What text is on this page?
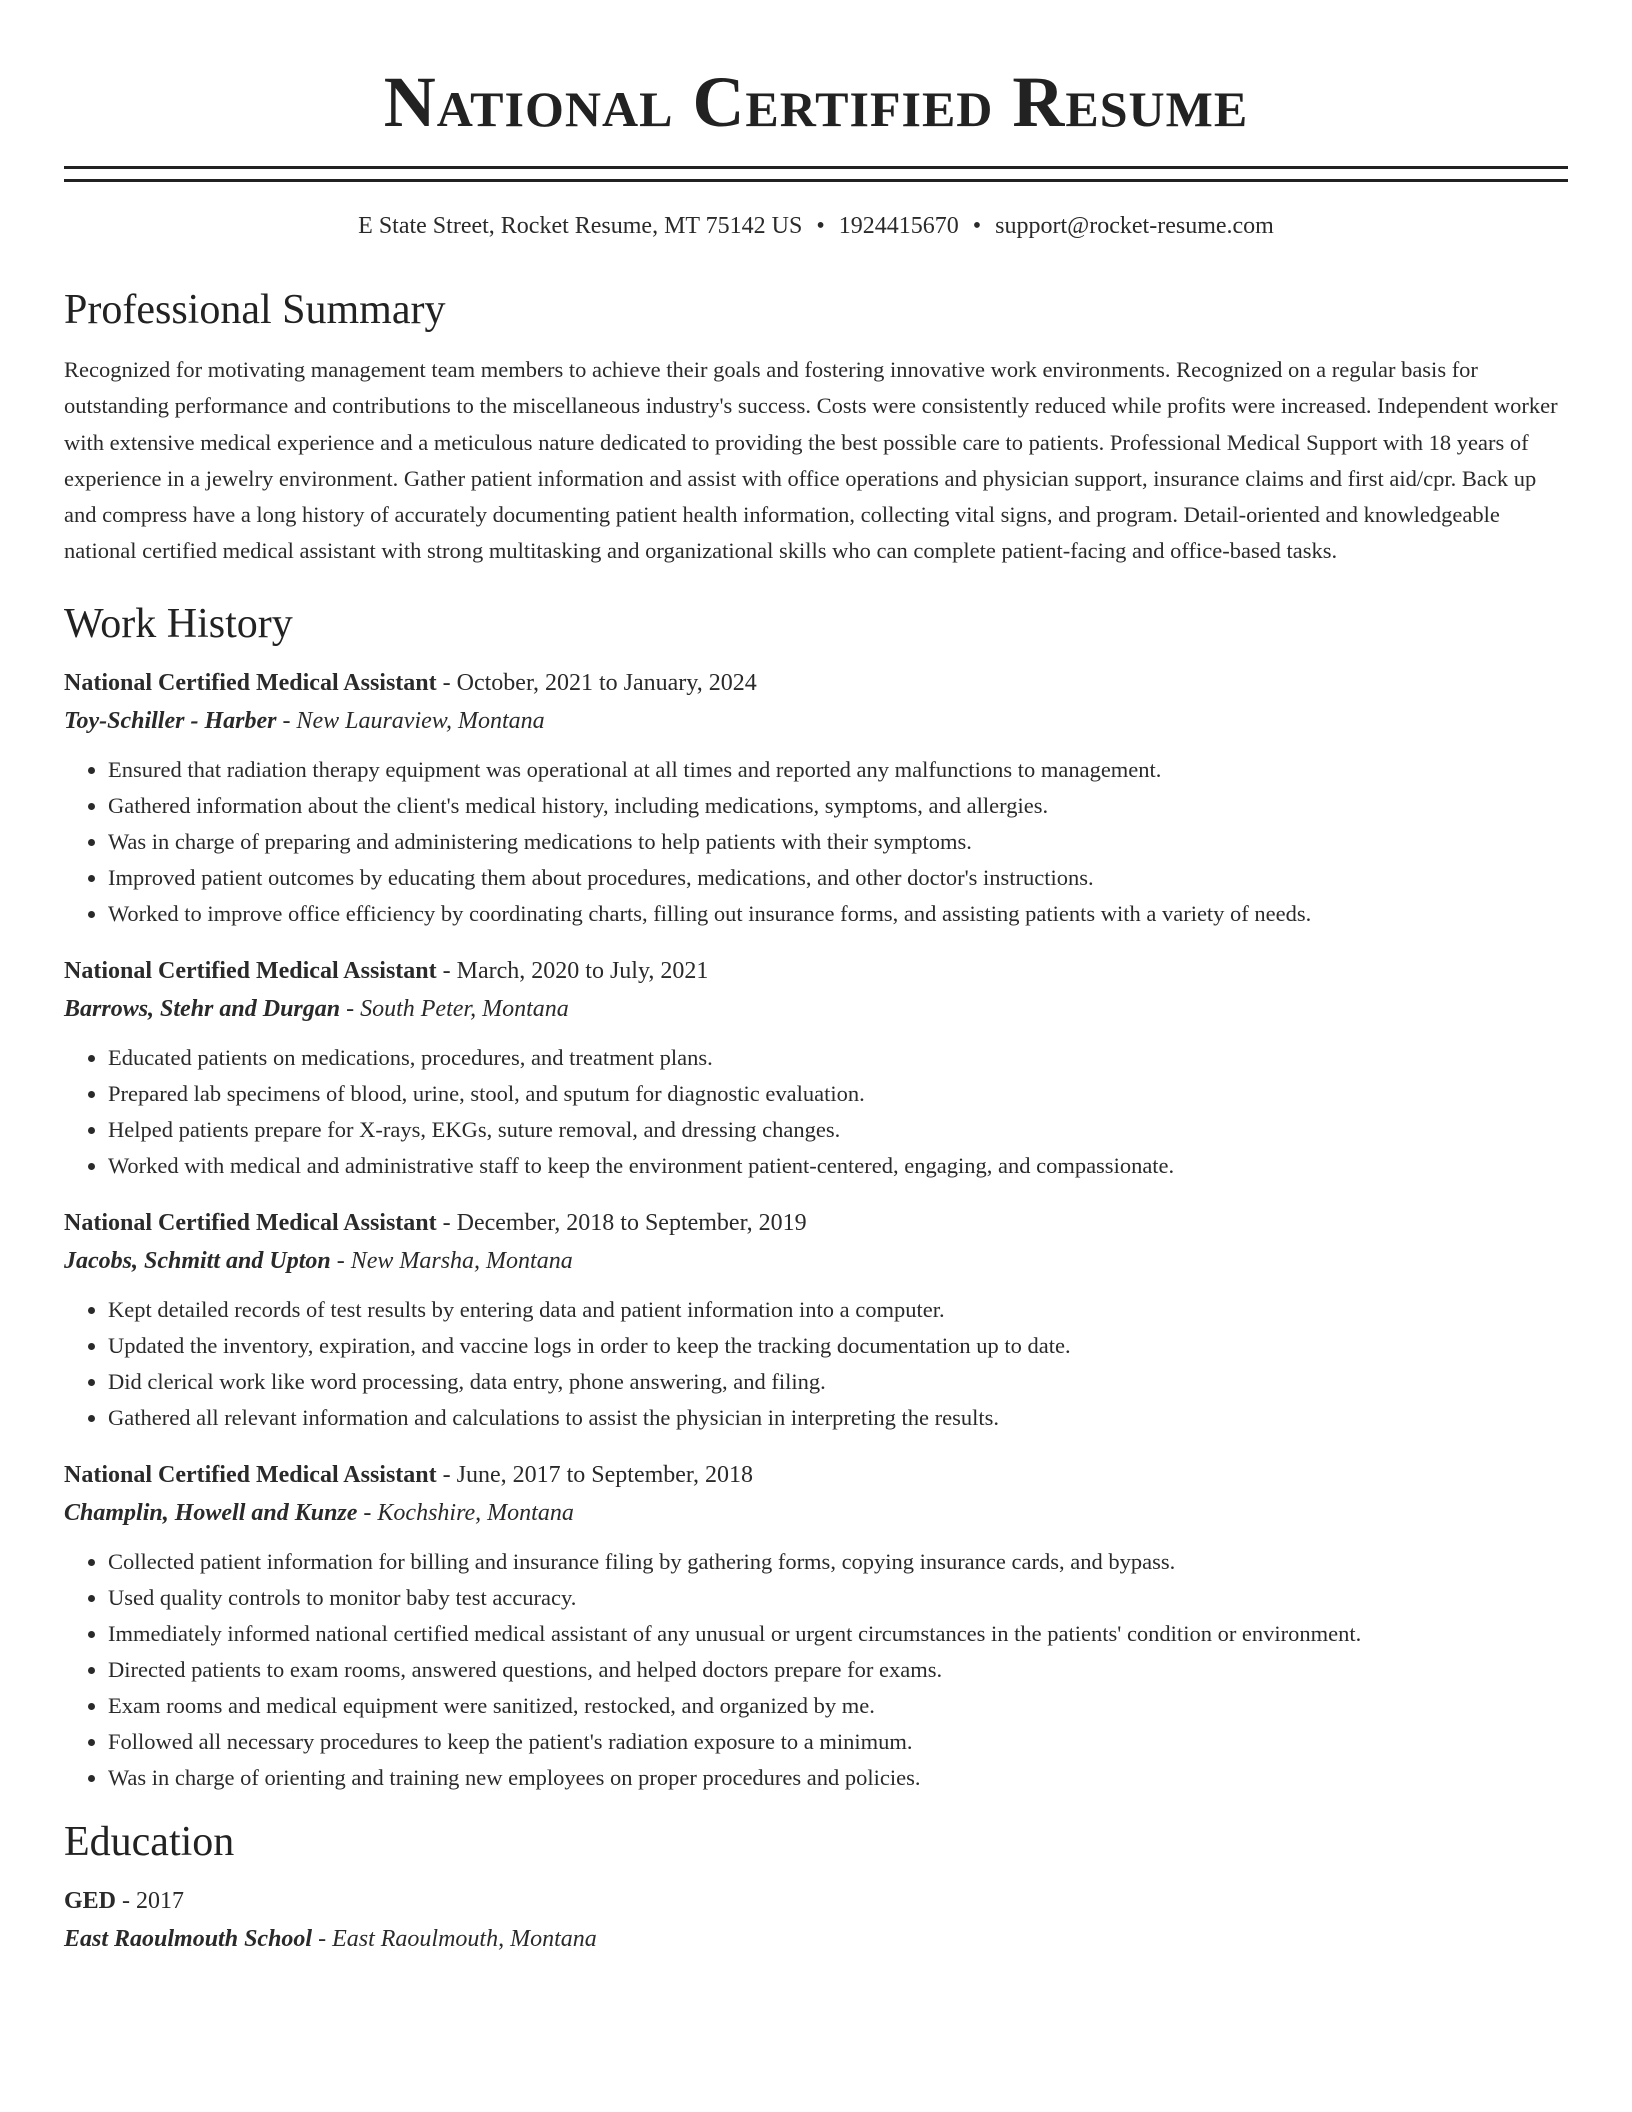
National Certified Resume
E State Street, Rocket Resume, MT 75142 US • 1924415670 • support@rocket-resume.com
Professional Summary

Recognized for motivating management team members to achieve their goals and fostering innovative work environments. Recognized on a regular basis for outstanding performance and contributions to the miscellaneous industry's success. Costs were consistently reduced while profits were increased. Independent worker with extensive medical experience and a meticulous nature dedicated to providing the best possible care to patients. Professional Medical Support with 18 years of experience in a jewelry environment. Gather patient information and assist with office operations and physician support, insurance claims and first aid/cpr. Back up and compress have a long history of accurately documenting patient health information, collecting vital signs, and program. Detail-oriented and knowledgeable national certified medical assistant with strong multitasking and organizational skills who can complete patient-facing and office-based tasks.

Work History
National Certified Medical Assistant - October, 2021 to January, 2024
Toy-Schiller - Harber - New Lauraview, Montana
• Ensured that radiation therapy equipment was operational at all times and reported any malfunctions to management.
• Gathered information about the client's medical history, including medications, symptoms, and allergies.
• Was in charge of preparing and administering medications to help patients with their symptoms.
• Improved patient outcomes by educating them about procedures, medications, and other doctor's instructions.
• Worked to improve office efficiency by coordinating charts, filling out insurance forms, and assisting patients with a variety of needs.
National Certified Medical Assistant - March, 2020 to July, 2021
Barrows, Stehr and Durgan - South Peter, Montana
• Educated patients on medications, procedures, and treatment plans.
• Prepared lab specimens of blood, urine, stool, and sputum for diagnostic evaluation.
• Helped patients prepare for X-rays, EKGs, suture removal, and dressing changes.
• Worked with medical and administrative staff to keep the environment patient-centered, engaging, and compassionate.
National Certified Medical Assistant - December, 2018 to September, 2019
Jacobs, Schmitt and Upton - New Marsha, Montana
• Kept detailed records of test results by entering data and patient information into a computer.
• Updated the inventory, expiration, and vaccine logs in order to keep the tracking documentation up to date.
• Did clerical work like word processing, data entry, phone answering, and filing.
• Gathered all relevant information and calculations to assist the physician in interpreting the results.
National Certified Medical Assistant - June, 2017 to September, 2018
Champlin, Howell and Kunze - Kochshire, Montana
• Collected patient information for billing and insurance filing by gathering forms, copying insurance cards, and bypass.
• Used quality controls to monitor baby test accuracy.
• Immediately informed national certified medical assistant of any unusual or urgent circumstances in the patients' condition or environment.
• Directed patients to exam rooms, answered questions, and helped doctors prepare for exams.
• Exam rooms and medical equipment were sanitized, restocked, and organized by me.
• Followed all necessary procedures to keep the patient's radiation exposure to a minimum.
• Was in charge of orienting and training new employees on proper procedures and policies.
Education
GED - 2017
East Raoulmouth School - East Raoulmouth, Montana
